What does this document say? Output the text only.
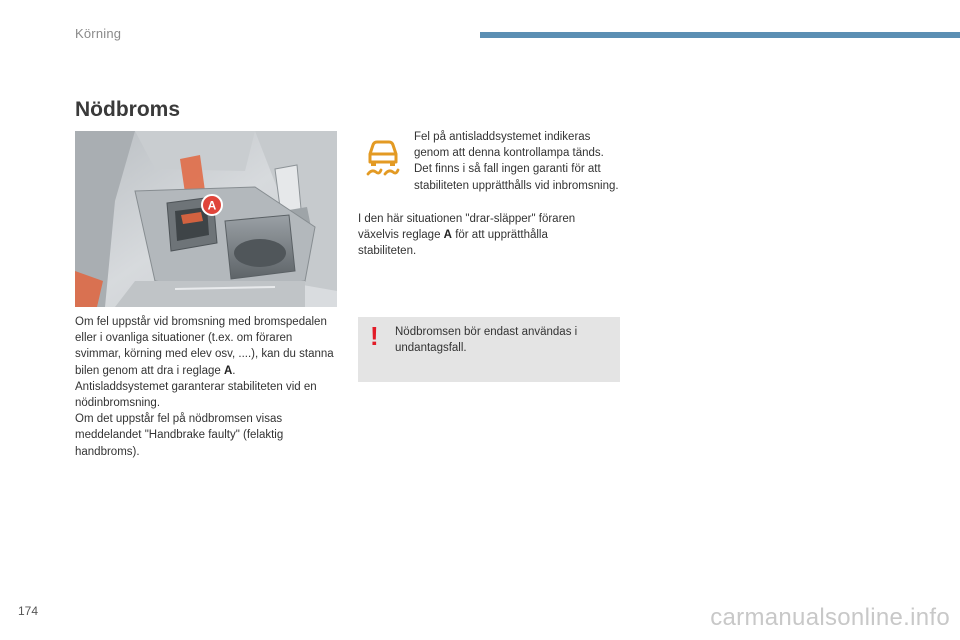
Körning
Nödbroms
A

Om fel uppstår vid bromsning med bromspedalen eller i ovanliga situationer (t.ex. om föraren svimmar, körning med elev osv, ....), kan du stanna bilen genom att dra i reglage A.

Antisladdsystemet garanterar stabiliteten vid en nödinbromsning.

Om det uppstår fel på nödbromsen visas meddelandet "Handbrake faulty" (felaktig handbroms).

Fel på antisladdsystemet indikeras genom att denna kontrollampa tänds. Det finns i så fall ingen garanti för att stabiliteten upprätthålls vid inbromsning.

I den här situationen "drar-släpper" föraren växelvis reglage A för att upprätthålla stabiliteten.

!	Nödbromsen bör endast användas i undantagsfall.

174	carmanualsonline.info
